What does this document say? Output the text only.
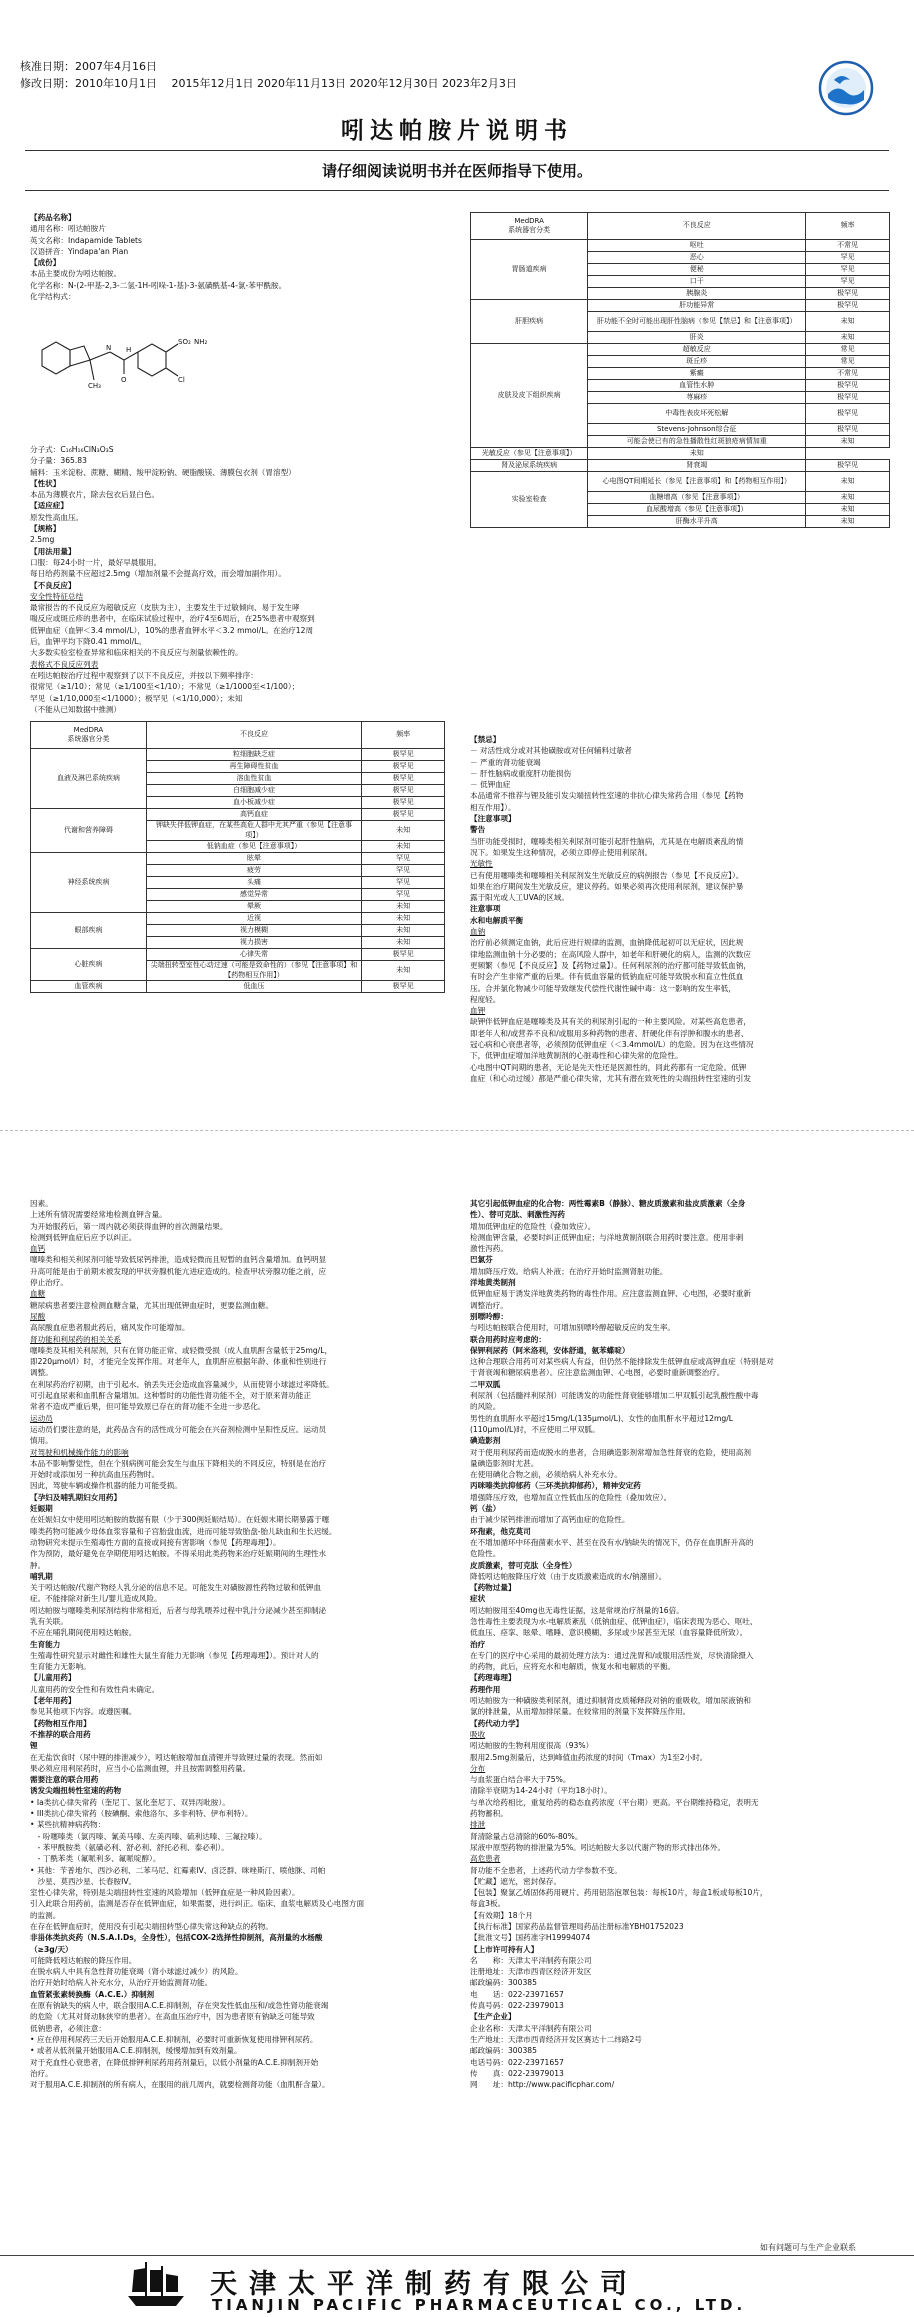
核准日期：2007年4月16日
修改日期：2010年10月1日　 2015年12月1日 2020年11月13日 2020年12月30日 2023年2月3日
吲达帕胺片说明书
请仔细阅读说明书并在医师指导下使用。
【药品名称】
通用名称：吲达帕胺片
英文名称：Indapamide Tablets
汉语拼音：Yindapa'an Pian
【成份】
本品主要成份为吲达帕胺。
化学名称：N-(2-甲基-2,3-二氢-1H-吲哚-1-基)-3-氨磺酰基-4-氯-苯甲酰胺。
化学结构式：
CH₃
N H
O
SO₂ NH₂
Cl
分子式：C₁₆H₁₆ClN₃O₃S
分子量：365.83
辅料：玉米淀粉、蔗糖、糊精、羧甲淀粉钠、硬脂酸镁、薄膜包衣剂（胃溶型）
【性状】
本品为薄膜衣片，除去包衣后显白色。
【适应症】
原发性高血压。
【规格】
2.5mg
【用法用量】
口服：每24小时一片，最好早晨服用。
每日给药剂量不应超过2.5mg（增加剂量不会提高疗效，而会增加副作用）。
【不良反应】
安全性特征总结
最常报告的不良反应为超敏反应（皮肤为主），主要发生于过敏倾向、易于发生哮
喘反应或斑丘疹的患者中，在临床试验过程中，治疗4至6周后，在25%患者中观察到
低钾血症（血钾＜3.4 mmol/L），10%的患者血钾水平＜3.2 mmol/L。在治疗12周
后，血钾平均下降0.41 mmol/L。
大多数实验室检查异常和临床相关的不良反应与剂量依赖性的。
表格式不良反应列表
在吲达帕胺治疗过程中观察到了以下不良反应，并按以下频率排序：
很常见（≥1/10）；常见（≥1/100至<1/10）；不常见（≥1/1000至<1/100）；
罕见（≥1/10,000至<1/1000）；极罕见（<1/10,000）；未知
（不能从已知数据中推测）
MedDRA
系统器官分类	不良反应	频率
血液及淋巴系统疾病	粒细胞缺乏症	极罕见
	再生障碍性贫血	极罕见
	溶血性贫血	极罕见
	白细胞减少症	极罕见
	血小板减少症	极罕见
代谢和营养障碍	高钙血症	极罕见
	钾缺失伴低钾血症，在某些高危人群中尤其严重（参见【注意事项】）	未知
	低钠血症（参见【注意事项】）	未知
神经系统疾病	眩晕	罕见
	疲劳	罕见
	头痛	罕见
	感觉异常	罕见
	晕厥	未知
眼部疾病	近视	未知
	视力模糊	未知
	视力损害	未知
心脏疾病	心律失常	极罕见
	尖端扭转型室性心动过速（可能是致命性的）（参见【注意事项】和【药物相互作用】）	未知
血管疾病	低血压	极罕见
MedDRA
系统器官分类	不良反应	频率
胃肠道疾病	呕吐	不常见
	恶心	罕见
	便秘	罕见
	口干	罕见
	胰腺炎	极罕见
肝胆疾病	肝功能异常	极罕见
	肝功能不全时可能出现肝性脑病（参见【禁忌】和【注意事项】）	未知
	肝炎	未知
皮肤及皮下组织疾病	超敏反应	常见
	斑丘疹	常见
	紫癜	不常见
	血管性水肿	极罕见
	荨麻疹	极罕见
	中毒性表皮坏死松解	极罕见
	Stevens-Johnson综合征	极罕见
	可能会使已有的急性播散性红斑狼疮病情加重	未知
光敏反应（参见【注意事项】）	未知	
肾及泌尿系统疾病	肾衰竭	极罕见
实验室检查	心电图QT间期延长（参见【注意事项】和【药物相互作用】）	未知
	血糖增高（参见【注意事项】）	未知
	血尿酸增高（参见【注意事项】）	未知
	肝酶水平升高	未知
【禁忌】
－ 对活性成分或对其他磺胺或对任何辅料过敏者
－ 严重的肾功能衰竭
－ 肝性脑病或重度肝功能损伤
－ 低钾血症
本品通常不推荐与锂及能引发尖端扭转性室速的非抗心律失常药合用（参见【药物
相互作用】）。
【注意事项】
警告
当肝功能受损时，噻嗪类相关利尿剂可能引起肝性脑病，尤其是在电解质紊乱的情
况下。如果发生这种情况，必须立即停止使用利尿剂。
光敏性
已有使用噻嗪类和噻嗪相关利尿剂发生光敏反应的病例报告（参见【不良反应】）。
如果在治疗期间发生光敏反应，建议停药。如果必须再次使用利尿剂，建议保护暴
露于阳光或人工UVA的区域。
注意事项
水和电解质平衡
血钠
治疗前必须测定血钠，此后应进行规律的监测，血钠降低起初可以无症状，因此规
律地监测血钠十分必要的；在高风险人群中，如老年和肝硬化的病人，监测的次数应
更频繁（参见【不良反应】及【药物过量】）。任何利尿剂的治疗都可能导致低血钠，
有时会产生非常严重的后果。伴有低血容量的低钠血症可能导致脱水和直立性低血
压。合并氯化物减少可能导致继发代偿性代谢性碱中毒：这一影响的发生率低，
程度轻。
血钾
缺钾伴低钾血症是噻嗪类及其有关的利尿剂引起的一种主要风险。对某些高危患者，
即老年人和/或营养不良和/或服用多种药物的患者、肝硬化伴有浮肿和腹水的患者、
冠心病和心衰患者等，必须预防低钾血症（＜3.4mmol/L）的危险。因为在这些情况
下，低钾血症增加洋地黄制剂的心脏毒性和心律失常的危险性。
心电图中QT间期的患者，无论是先天性还是医源性的，同此药都有一定危险。低钾
血症（和心动过缓）都是严重心律失常，尤其有潜在致死性的尖端扭转性室速的引发
因素。
上述所有情况需要经常地检测血钾含量。
为开始服药后，第一周内就必须获得血钾的首次测量结果。
检测到低钾血症后应予以纠正。
血钙
噻嗪类和相关利尿剂可能导致低尿钙排泄，造成轻微而且短暂的血钙含量增加。血钙明显
升高可能是由于前期未被发现的甲状旁腺机能亢进症造成的。检查甲状旁腺功能之前，应
停止治疗。
血糖
糖尿病患者要注意检测血糖含量，尤其出现低钾血症时，更要监测血糖。
尿酸
高尿酸血症患者服此药后，痛风发作可能增加。
肾功能和利尿药的相关关系
噻嗪类及其相关利尿剂，只有在肾功能正常、或轻微受损（成人血肌酐含量低于25mg/L，
即220μmol/l）时，才能完全发挥作用。对老年人，血肌酐应根据年龄、体重和性别进行
调整。
在利尿药治疗初期，由于引起水、钠丢失还会造成血容量减少，从而使肾小球滤过率降低。
可引起血尿素和血肌酐含量增加。这种暂时的功能性肾功能不全，对于原来肾功能正
常者不造成严重后果，但可能导致原已存在的肾功能不全进一步恶化。
运动员
运动员们要注意的是，此药品含有的活性成分可能会在兴奋剂检测中呈阳性反应。运动员
慎用。
对驾驶和机械操作能力的影响
本品不影响警觉性，但在个别病例可能会发生与血压下降相关的不同反应，特别是在治疗
开始时或添加另一种抗高血压药物时。
因此，驾驶车辆或操作机器的能力可能受损。
【孕妇及哺乳期妇女用药】
妊娠期
在妊娠妇女中使用吲达帕胺的数据有限（少于300例妊娠结局）。在妊娠末期长期暴露于噻
嗪类药物可能减少母体血浆容量和子宫胎盘血流，进而可能导致胎盘-胎儿缺血和生长迟缓。
动物研究未提示生殖毒性方面的直接或间接有害影响（参见【药理毒理】）。
作为预防，最好避免在孕期使用吲达帕胺。不得采用此类药物来治疗妊娠期间的生理性水
肿。
哺乳期
关于吲达帕胺/代谢产物经人乳分泌的信息不足。可能发生对磺胺源性药物过敏和低钾血
症。不能排除对新生儿/婴儿造成风险。
吲达帕胺与噻嗪类利尿剂结构非常相近，后者与母乳喂养过程中乳汁分泌减少甚至抑制泌
乳有关联。
不应在哺乳期间使用吲达帕胺。
生育能力
生殖毒性研究显示对雌性和雄性大鼠生育能力无影响（参见【药理毒理】）。预计对人的
生育能力无影响。
【儿童用药】
儿童用药的安全性和有效性尚未确定。
【老年用药】
参见其他项下内容。或遵医嘱。
【药物相互作用】
不推荐的联合用药
锂
在无盐饮食时（尿中锂的排泄减少），吲达帕胺增加血清锂并导致锂过量的表现。然而如
果必须应用利尿药时，应当小心监测血锂，并且按需调整用药量。
需要注意的联合用药
诱发尖端扭转性室速的药物
• Ia类抗心律失常药（奎尼丁、氢化奎尼丁、双异丙吡胺）。
• III类抗心律失常药（胺碘酮、索他洛尔、多非利特、伊布利特）。
• 某些抗精神病药物：
　- 吩噻嗪类（氯丙嗪、氰美马嗪、左美丙嗪、硫利达嗪、三氟拉嗪）。
　- 苯甲酰胺类（氨磺必利、舒必利、舒托必利、泰必利）。
　- 丁酰苯类（氟哌利多、氟哌啶醇）。
• 其他：苄普地尔、西沙必利、二苯马尼、红霉素IV、卤泛群、咪唑斯汀、喷他脒、司帕
　沙星、莫西沙星、长春胺IV。
室性心律失常，特别是尖端扭转性室速的风险增加（低钾血症是一种风险因素）。
引入此联合用药前，监测是否存在低钾血症，如果需要，进行纠正。临床、血浆电解质及心电图方面
的监测。
在存在低钾血症时，使用没有引起尖端扭转型心律失常这种缺点的药物。
非甾体类抗炎药（N.S.A.I.Ds，全身性），包括COX-2选择性抑制剂，高剂量的水杨酸
（≥3g/天）
可能降低吲达帕胺的降压作用。
在脱水病人中具有急性肾功能衰竭（肾小球滤过减少）的风险。
治疗开始时给病人补充水分，从治疗开始监测肾功能。
血管紧张素转换酶（A.C.E.）抑制剂
在原有钠缺失的病人中，联合服用A.C.E.抑制剂，存在突发性低血压和/或急性肾功能衰竭
的危险（尤其对肾动脉狭窄的患者）。在高血压治疗中，因为患者原有钠缺乏可能导致
低钠患者，必须注意：
• 应在停用利尿药三天后开始服用A.C.E.抑制剂，必要时可重新恢复使用排钾利尿药。
• 或者从低剂量开始服用A.C.E.抑制剂，缓慢增加到有效剂量。
对于充血性心衰患者，在降低排钾利尿药用药剂量后，以低小剂量的A.C.E.抑制剂开始
治疗。
对于服用A.C.E.抑制剂的所有病人，在服用的前几周内，就要检测肾功能（血肌酐含量）。
其它引起低钾血症的化合物：两性霉素B（静脉）、糖皮质激素和盐皮质激素（全身
性）、替可克肽、刺激性泻药
增加低钾血症的危险性（叠加效应）。
检测血钾含量，必要时纠正低钾血症；与洋地黄制剂联合用药时要注意。使用非刺
激性泻药。
巴氯芬
增加降压疗效。给病人补液；在治疗开始时监测肾脏功能。
洋地黄类制剂
低钾血症易于诱发洋地黄类药物的毒性作用。应注意监测血钾、心电图，必要时重新
调整治疗。
别嘌呤醇：
与吲达帕胺联合使用时，可增加别嘌呤醇超敏反应的发生率。
联合用药时应考虑的：
保钾利尿药（阿米洛利，安体舒通，氨苯蝶啶）
这种合理联合用药可对某些病人有益，但仍然不能排除发生低钾血症或高钾血症（特别是对
于肾衰竭和糖尿病患者）。应注意监测血钾、心电图，必要时重新调整治疗。
二甲双胍
利尿剂（包括髓袢利尿剂）可能诱发的功能性肾衰能够增加二甲双胍引起乳酸性酸中毒
的风险。
男性的血肌酐水平超过15mg/L(135μmol/L)、女性的血肌酐水平超过12mg/L
(110μmol/L)时，不应使用二甲双胍。
碘造影剂
对于使用利尿药而造成脱水的患者，合用碘造影剂常增加急性肾衰的危险，使用高剂
量碘造影剂时尤甚。
在使用碘化合物之前，必须给病人补充水分。
丙咪嗪类抗抑郁药（三环类抗抑郁药），精神安定药
增强降压疗效，也增加直立性低血压的危险性（叠加效应）。
钙（盐）
由于减少尿钙排泄而增加了高钙血症的危险性。
环孢素，他克莫司
在不增加循环中环孢菌素水平、甚至在没有水/钠缺失的情况下，仍存在血肌酐升高的
危险性。
皮质激素，替可克肽（全身性）
降低吲达帕胺降压疗效（由于皮质激素造成的水/钠潴留）。
【药物过量】
症状
吲达帕胺用至40mg也无毒性证据，这是常规治疗剂量的16倍。
急性毒性主要表现为水-电解质紊乱（低钠血症、低钾血症），临床表现为恶心、呕吐、
低血压、痉挛、眩晕、嗜睡、意识模糊、多尿或少尿甚至无尿（血容量降低所致）。
治疗
在专门的医疗中心采用的最初处理方法为：通过洗胃和/或服用活性炭，尽快清除摄入
的药物，此后，应将充水和电解质，恢复水和电解质的平衡。
【药理毒理】
药理作用
吲达帕胺为一种磺胺类利尿剂，通过抑制肾皮质稀释段对钠的重吸收，增加尿液钠和
氯的排泄量，从而增加排尿量。在较常用的剂量下发挥降压作用。
【药代动力学】
吸收
吲达帕胺的生物利用度很高（93%）
服用2.5mg剂量后，达到峰值血药浓度的时间（Tmax）为1至2小时。
分布
与血浆蛋白结合率大于75%。
清除半衰期为14-24小时（平均18小时）。
与单次给药相比，重复给药的稳态血药浓度（平台期）更高。平台期维持稳定，表明无
药物蓄积。
排泄
肾清除量占总清除的60%-80%。
尿液中原型药物的排泄量为5%。吲达帕胺大多以代谢产物的形式排出体外。
高危患者
肾功能不全患者，上述药代动力学参数不变。
【贮藏】遮光，密封保存。
【包装】聚氯乙烯固体药用硬片、药用铝箔泡罩包装：每板10片，每盒1板或每板10片，
每盒3板。
【有效期】18个月
【执行标准】国家药品监督管理局药品注册标准YBH01752023
【批准文号】国药准字H19994074
【上市许可持有人】
名　　称：天津太平洋制药有限公司
注册地址：天津市西青区经济开发区
邮政编码：300385
电　　话：022-23971657
传真号码：022-23979013
【生产企业】
企业名称：天津太平洋制药有限公司
生产地址：天津市西青经济开发区赛达十二纬路2号
邮政编码：300385
电话号码：022-23971657
传　　真：022-23979013
网　　址：http://www.pacificphar.com/
如有问题可与生产企业联系
天津太平洋制药有限公司
TIANJIN PACIFIC PHARMACEUTICAL CO., LTD.
